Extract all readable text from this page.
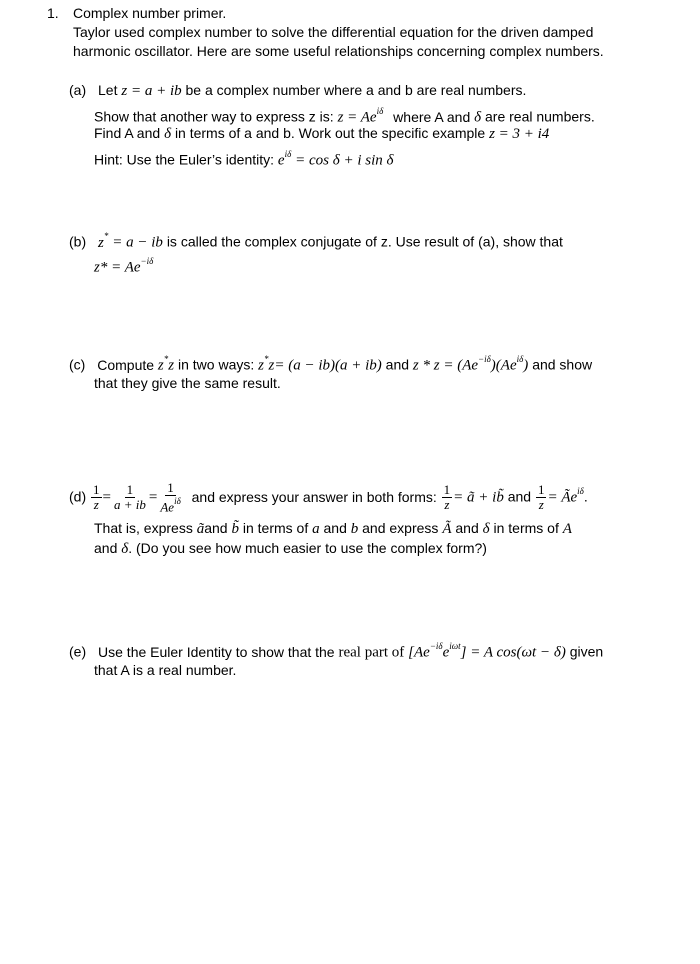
1. Complex number primer.
Taylor used complex number to solve the differential equation for the driven damped
harmonic oscillator. Here are some useful relationships concerning complex numbers.
(a) Let z = a + ib be a complex number where a and b are real numbers.
Show that another way to express z is: $z = Ae^{i\delta}$ where A and δ are real numbers.
Find A and δ in terms of a and b. Work out the specific example z = 3 + i4
Hint: Use the Euler’s identity: $e^{i\delta} = \cos \delta + i$ sin δ
(b) z* = a − ib is called the complex conjugate of z. Use result of (a), show that
$z* = Ae^{-i\delta}$
(c) Compute z*z in two ways: z*z= (a − ib)(a + ib) and $z * z = (Ae^{-i\delta})(Ae^{i\delta})$ and show
that they give the same result.
$(d) \frac{1}{z} = \frac{1}{a + ib} = \frac{1}{Ae^{i\delta}}$ and express your answer in both forms: $\frac{1}{z}$ = ã + ib̃ and $\frac{1}{z}$ = $Ãe^{i\delta}$.
That is, express ãand b̃ in terms of a and b and express Ã and δ in terms of A
and δ. (Do you see how much easier to use the complex form?)
(e) Use the Euler Identity to show that the real part of $[Ae^{-i\delta}e^{i\omega t}] = A$ cos(ωt − δ) given
that A is a real number.
